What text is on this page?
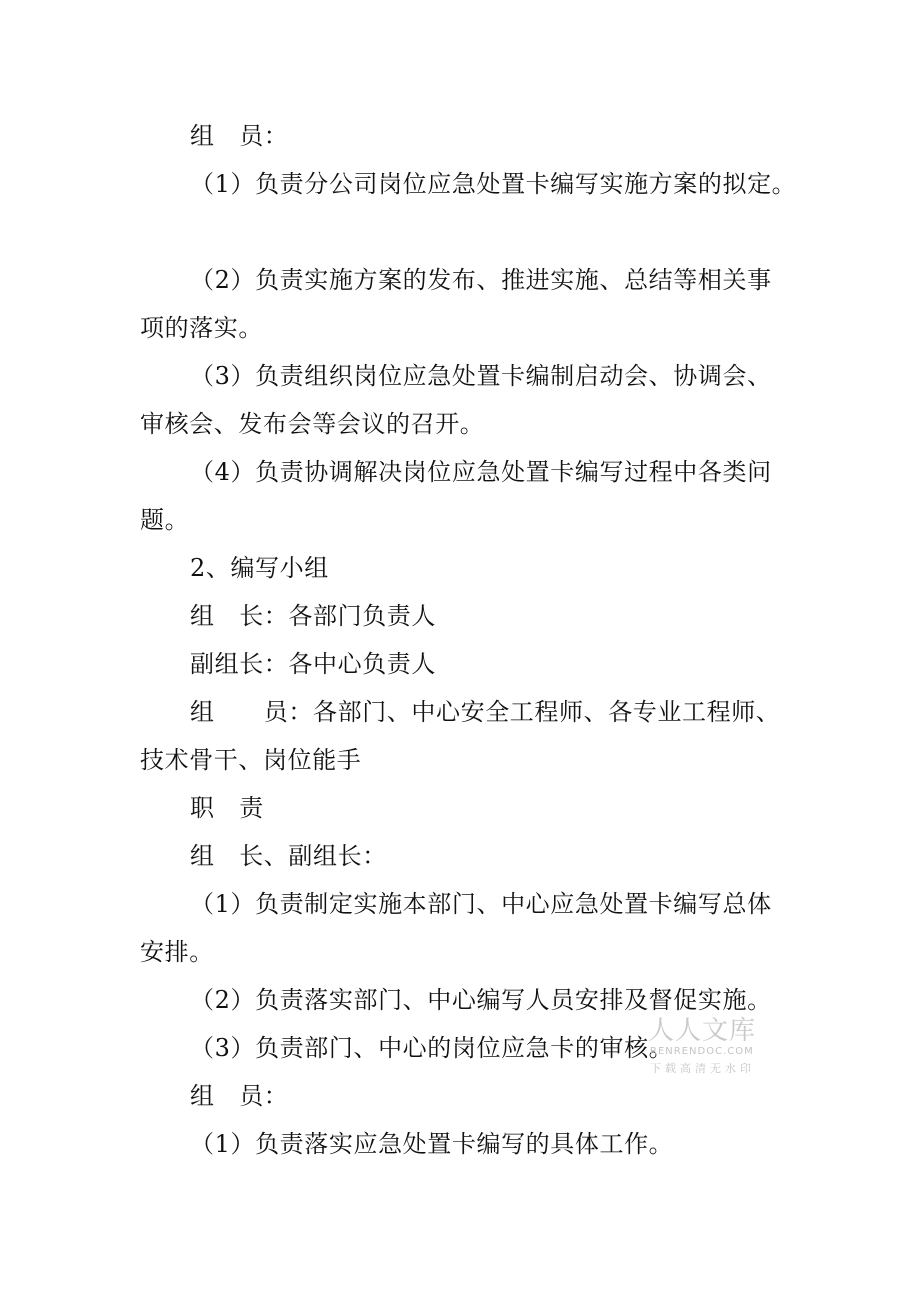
组　员：
（1）负责分公司岗位应急处置卡编写实施方案的拟定。
（2）负责实施方案的发布、推进实施、总结等相关事
项的落实。
（3）负责组织岗位应急处置卡编制启动会、协调会、
审核会、发布会等会议的召开。
（4）负责协调解决岗位应急处置卡编写过程中各类问
题。
2、编写小组
组　长：各部门负责人
副组长：各中心负责人
组　　员：各部门、中心安全工程师、各专业工程师、
技术骨干、岗位能手
职　责
组　长、副组长：
（1）负责制定实施本部门、中心应急处置卡编写总体
安排。
（2）负责落实部门、中心编写人员安排及督促实施。
（3）负责部门、中心的岗位应急卡的审核。
组　员：
（1）负责落实应急处置卡编写的具体工作。
人人文库
RENRENDOC.COM
下载高清无水印
